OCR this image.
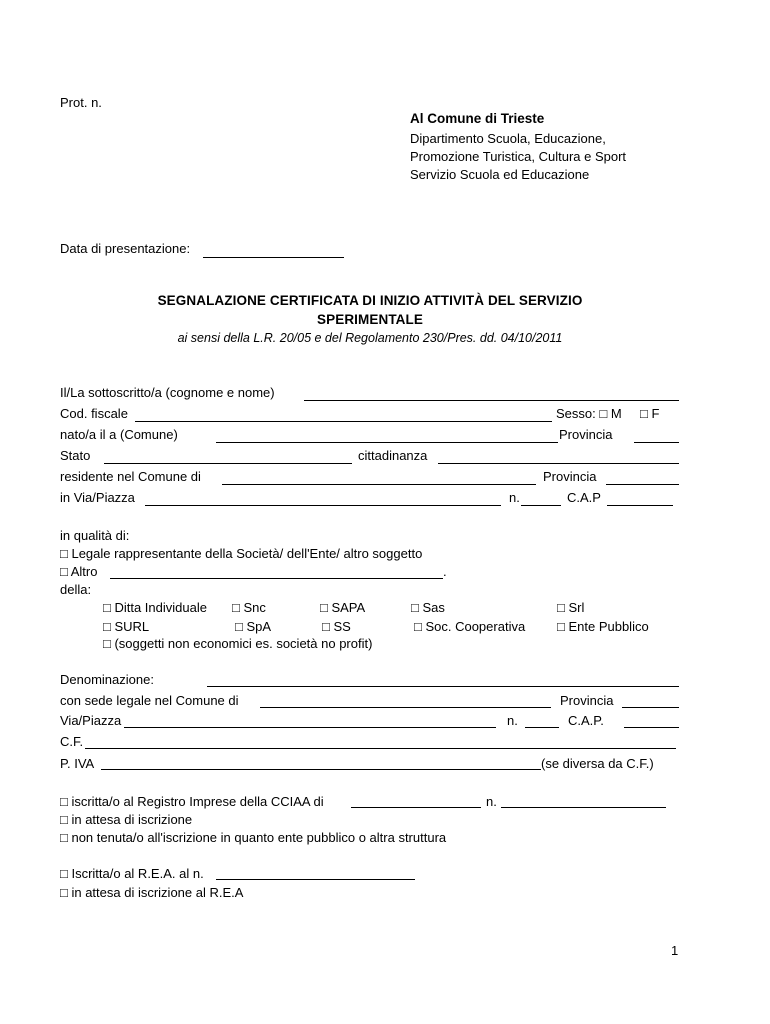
Prot. n.
Al Comune di Trieste
Dipartimento Scuola, Educazione,
Promozione Turistica, Cultura e Sport
Servizio Scuola ed Educazione
Data di presentazione:
SEGNALAZIONE CERTIFICATA DI INIZIO ATTIVITÀ DEL SERVIZIO
SPERIMENTALE
ai sensi della L.R. 20/05 e del Regolamento 230/Pres. dd. 04/10/2011
Il/La sottoscritto/a (cognome e nome)
Cod. fiscale	Sesso: □ M □ F
nato/a il a (Comune)	Provincia
Stato	cittadinanza
residente nel Comune di	Provincia
in Via/Piazza	n.	C.A.P
in qualità di:
□ Legale rappresentante della Società/ dell'Ente/ altro soggetto
□ Altro	.
della:
□ Ditta Individuale □ Snc	□ SAPA	□ Sas	□ Srl
□ SURL	□ SpA	□ SS	□ Soc. Cooperativa □ Ente Pubblico
□ (soggetti non economici es. società no profit)
Denominazione:
con sede legale nel Comune di	Provincia
Via/Piazza	n.	C.A.P.
C.F.
P. IVA	(se diversa da C.F.)
□ iscritta/o al Registro Imprese della CCIAA di	n.
□ in attesa di iscrizione
□ non tenuta/o all'iscrizione in quanto ente pubblico o altra struttura
□ Iscritta/o al R.E.A. al n.
□ in attesa di iscrizione al R.E.A
1
